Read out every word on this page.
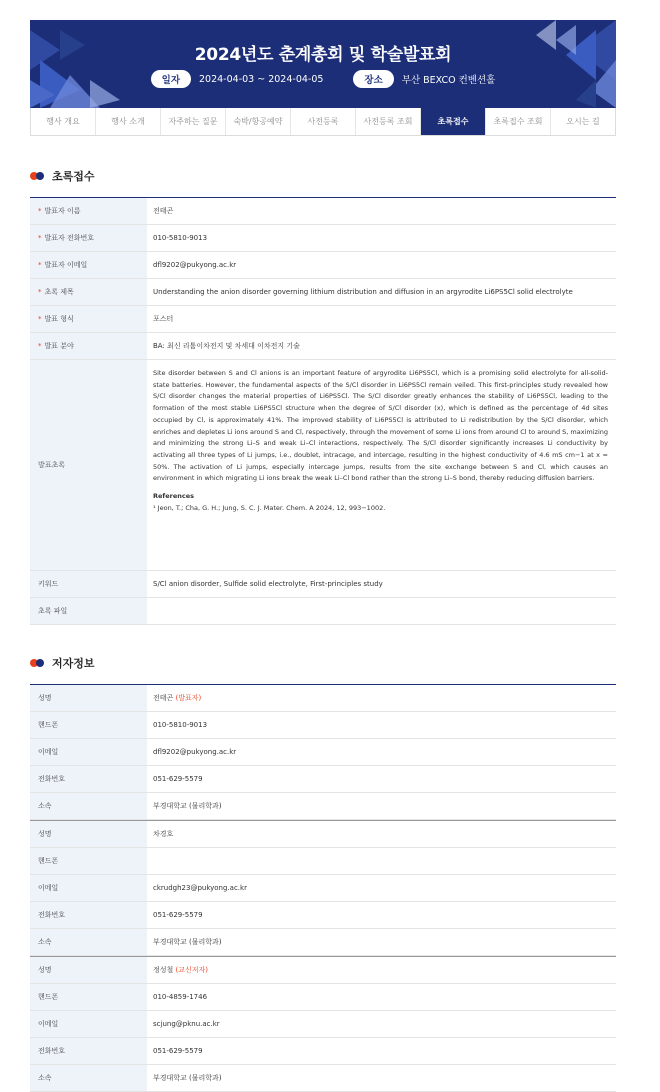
2024년도 춘계총회 및 학술발표회
일자	2024-04-03 ~ 2024-04-05	장소	부산 BEXCO 컨벤션홀
행사 개요	행사 소개	자주하는 질문	숙박/항공예약	사전등록	사전등록 조회	초록접수	초록접수 조회	오시는 길
초록접수
* 발표자 이름	전태곤
* 발표자 전화번호	010-5810-9013
* 발표자 이메일	dfl9202@pukyong.ac.kr
* 초록 제목	Understanding the anion disorder governing lithium distribution and diffusion in an argyrodite Li6PS5Cl solid electrolyte
* 발표 형식	포스터
* 발표 분야	BA: 최신 리튬이차전지 및 차세대 이차전지 기술
발표초록
Site disorder between S and Cl anions is an important feature of argyrodite Li6PS5Cl, which is a promising solid electrolyte for all-solid-state batteries. However, the fundamental aspects of the S/Cl disorder in Li6PS5Cl remain veiled. This first-principles study revealed how S/Cl disorder changes the material properties of Li6PS5Cl. The S/Cl disorder greatly enhances the stability of Li6PS5Cl, leading to the formation of the most stable Li6PS5Cl structure when the degree of S/Cl disorder (x), which is defined as the percentage of 4d sites occupied by Cl, is approximately 41%. The improved stability of Li6PS5Cl is attributed to Li redistribution by the S/Cl disorder, which enriches and depletes Li ions around S and Cl, respectively, through the movement of some Li ions from around Cl to around S, maximizing and minimizing the strong Li–S and weak Li–Cl interactions, respectively. The S/Cl disorder significantly increases Li conductivity by activating all three types of Li jumps, i.e., doublet, intracage, and intercage, resulting in the highest conductivity of 4.6 mS cm−1 at x = 50%. The activation of Li jumps, especially intercage jumps, results from the site exchange between S and Cl, which causes an environment in which migrating Li ions break the weak Li–Cl bond rather than the strong Li–S bond, thereby reducing diffusion barriers.
References
¹ Jeon, T.; Cha, G. H.; Jung, S. C. J. Mater. Chem. A 2024, 12, 993−1002.
키워드	S/Cl anion disorder, Sulfide solid electrolyte, First-principles study
초록 파일
저자정보
성명	전태곤
(발표자)
핸드폰	010-5810-9013
이메일	dfl9202@pukyong.ac.kr
전화번호	051-629-5579
소속	부경대학교 (물리학과)
성명	차경호

핸드폰
이메일	ckrudgh23@pukyong.ac.kr
전화번호	051-629-5579
소속	부경대학교 (물리학과)
성명	정성철
(교신저자)
핸드폰	010-4859-1746
이메일	scjung@pknu.ac.kr
전화번호	051-629-5579
소속	부경대학교 (물리학과)
